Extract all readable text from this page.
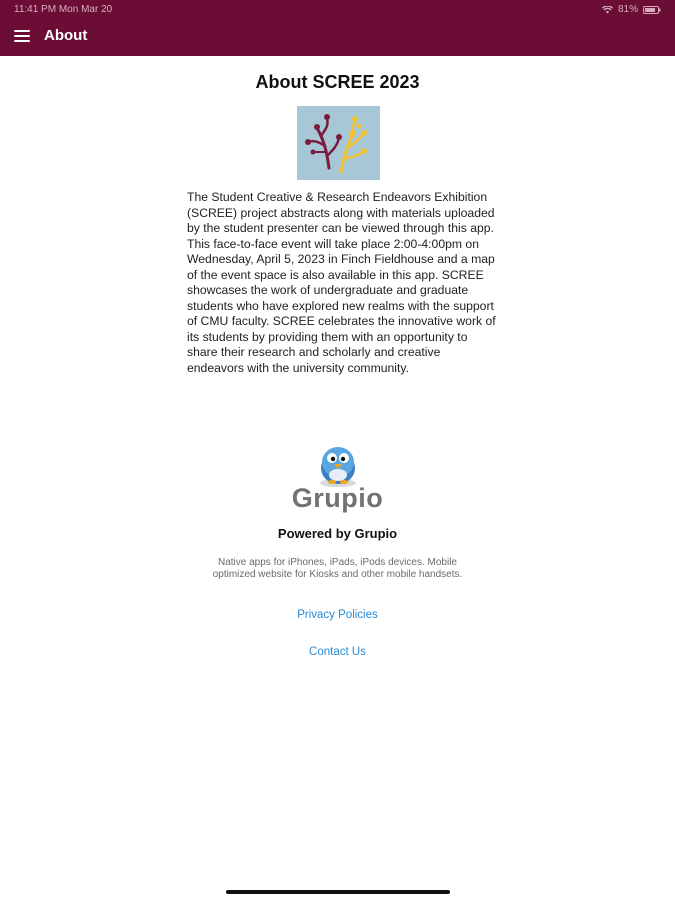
11:41 PM Mon Mar 20	81%
About
About SCREE 2023
The Student Creative & Research Endeavors Exhibition (SCREE) project abstracts along with materials uploaded by the student presenter can be viewed through this app. This face-to-face event will take place 2:00-4:00pm on Wednesday, April 5, 2023 in Finch Fieldhouse and a map of the event space is also available in this app. SCREE showcases the work of undergraduate and graduate students who have explored new realms with the support of CMU faculty. SCREE celebrates the innovative work of its students by providing them with an opportunity to share their research and scholarly and creative endeavors with the university community.
Grupio
Powered by Grupio
Native apps for iPhones, iPads, iPods devices. Mobile optimized website for Kiosks and other mobile handsets.
Privacy Policies
Contact Us
